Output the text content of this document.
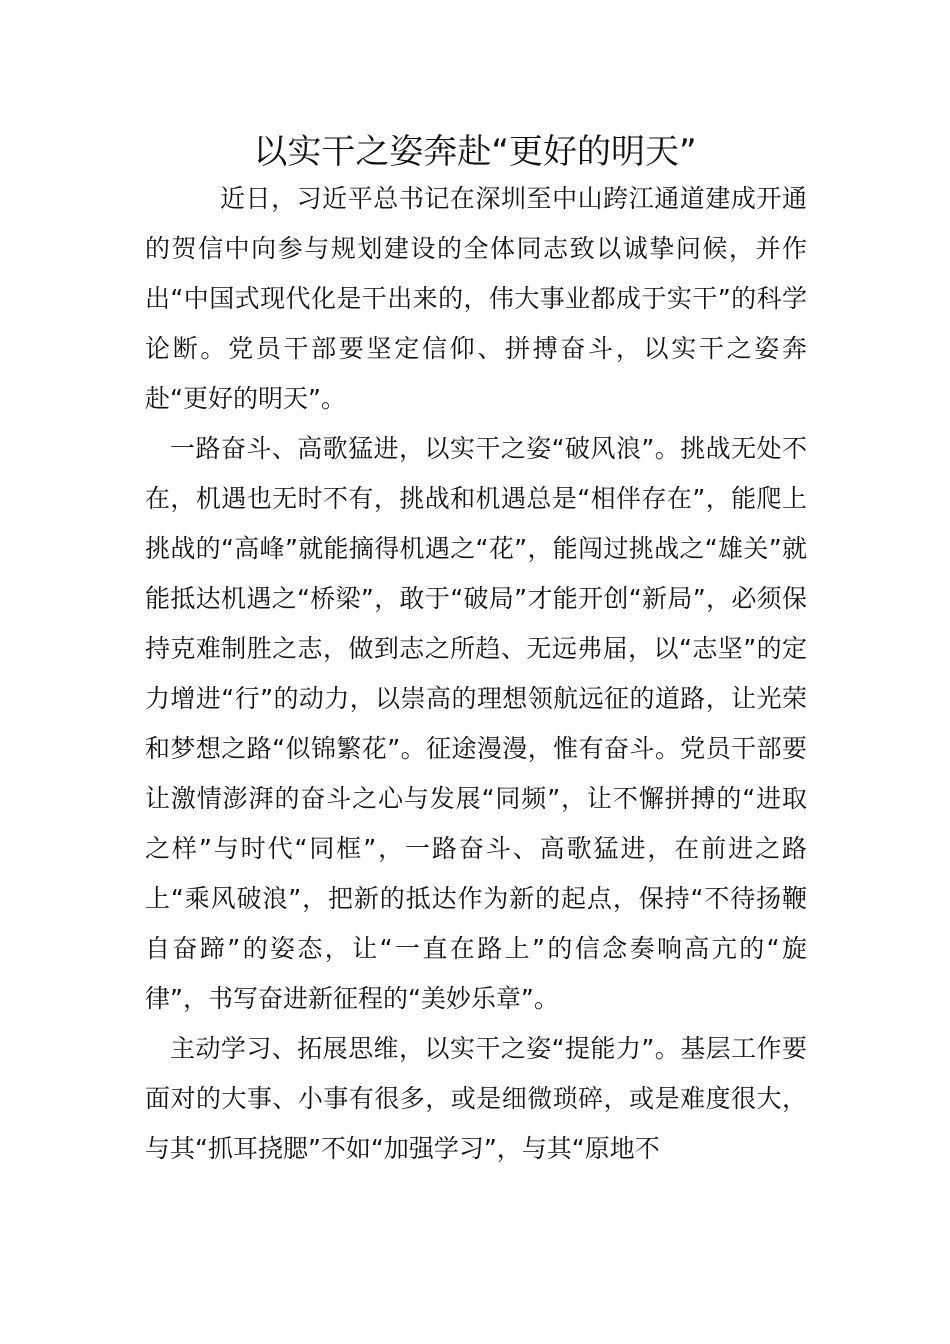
以实干之姿奔赴“更好的明天”

近日，习近平总书记在深圳至中山跨江通道建成开通的贺信中向参与规划建设的全体同志致以诚挚问候，并作出“中国式现代化是干出来的，伟大事业都成于实干”的科学论断。党员干部要坚定信仰、拼搏奋斗，以实干之姿奔赴“更好的明天”。

一路奋斗、高歌猛进，以实干之姿“破风浪”。挑战无处不在，机遇也无时不有，挑战和机遇总是“相伴存在”，能爬上挑战的“高峰”就能摘得机遇之“花”，能闯过挑战之“雄关”就能抵达机遇之“桥梁”，敢于“破局”才能开创“新局”，必须保持克难制胜之志，做到志之所趋、无远弗届，以“志坚”的定力增进“行”的动力，以崇高的理想领航远征的道路，让光荣和梦想之路“似锦繁花”。征途漫漫，惟有奋斗。党员干部要让激情澎湃的奋斗之心与发展“同频”，让不懈拼搏的“进取之样”与时代“同框”，一路奋斗、高歌猛进，在前进之路上“乘风破浪”，把新的抵达作为新的起点，保持“不待扬鞭自奋蹄”的姿态，让“一直在路上”的信念奏响高亢的“旋律”，书写奋进新征程的“美妙乐章”。

主动学习、拓展思维，以实干之姿“提能力”。基层工作要面对的大事、小事有很多，或是细微琐碎，或是难度很大，与其“抓耳挠腮”不如“加强学习”，与其“原地不
